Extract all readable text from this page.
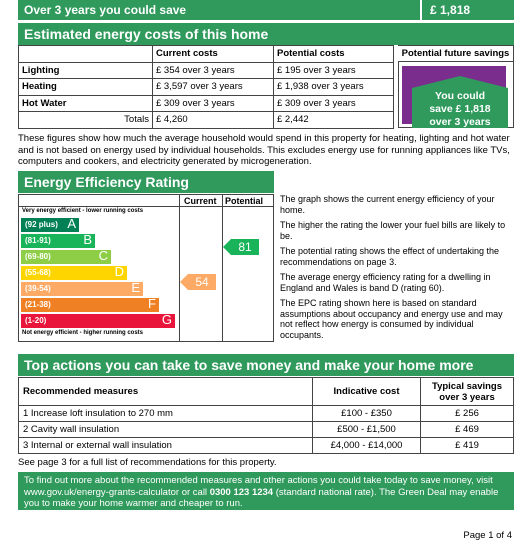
Over 3 years you could save	£ 1,818
Estimated energy costs of this home
	Current costs	Potential costs
Lighting	£ 354 over 3 years	£ 195 over 3 years
Heating	£ 3,597 over 3 years	£ 1,938 over 3 years
Hot Water	£ 309 over 3 years	£ 309 over 3 years
Totals	£ 4,260	£ 2,442
Potential future savings
You could
save £ 1,818
over 3 years
These figures show how much the average household would spend in this property for heating, lighting and hot water and is not based on energy used by individual households. This excludes energy use for running appliances like TVs, computers and cookers, and electricity generated by microgeneration.
Energy Efficiency Rating
Current Potential
Very energy efficient - lower running costs
Not energy efficient - higher running costs
(92 plus) A
(81-91)	B
(69-80)	C
(55-68)	D
(39-54)	E
(21-38)	F
(1-20)	G
54
81

The graph shows the current energy efficiency of your home.

The higher the rating the lower your fuel bills are likely to be.

The potential rating shows the effect of undertaking the recommendations on page 3.

The average energy efficiency rating for a dwelling in England and Wales is band D (rating 60).

The EPC rating shown here is based on standard assumptions about occupancy and energy use and may not reflect how energy is consumed by individual occupants.

Top actions you can take to save money and make your home more efficient
Recommended measures	Indicative cost	Typical savings over 3 years
1 Increase loft insulation to 270 mm	£100 - £350	£ 256
2 Cavity wall insulation	£500 - £1,500	£ 469
3 Internal or external wall insulation	£4,000 - £14,000	£ 419
See page 3 for a full list of recommendations for this property.
To find out more about the recommended measures and other actions you could take today to save money, visit www.gov.uk/energy-grants-calculator or call 0300 123 1234 (standard national rate). The Green Deal may enable you to make your home warmer and cheaper to run.
Page 1 of 4
